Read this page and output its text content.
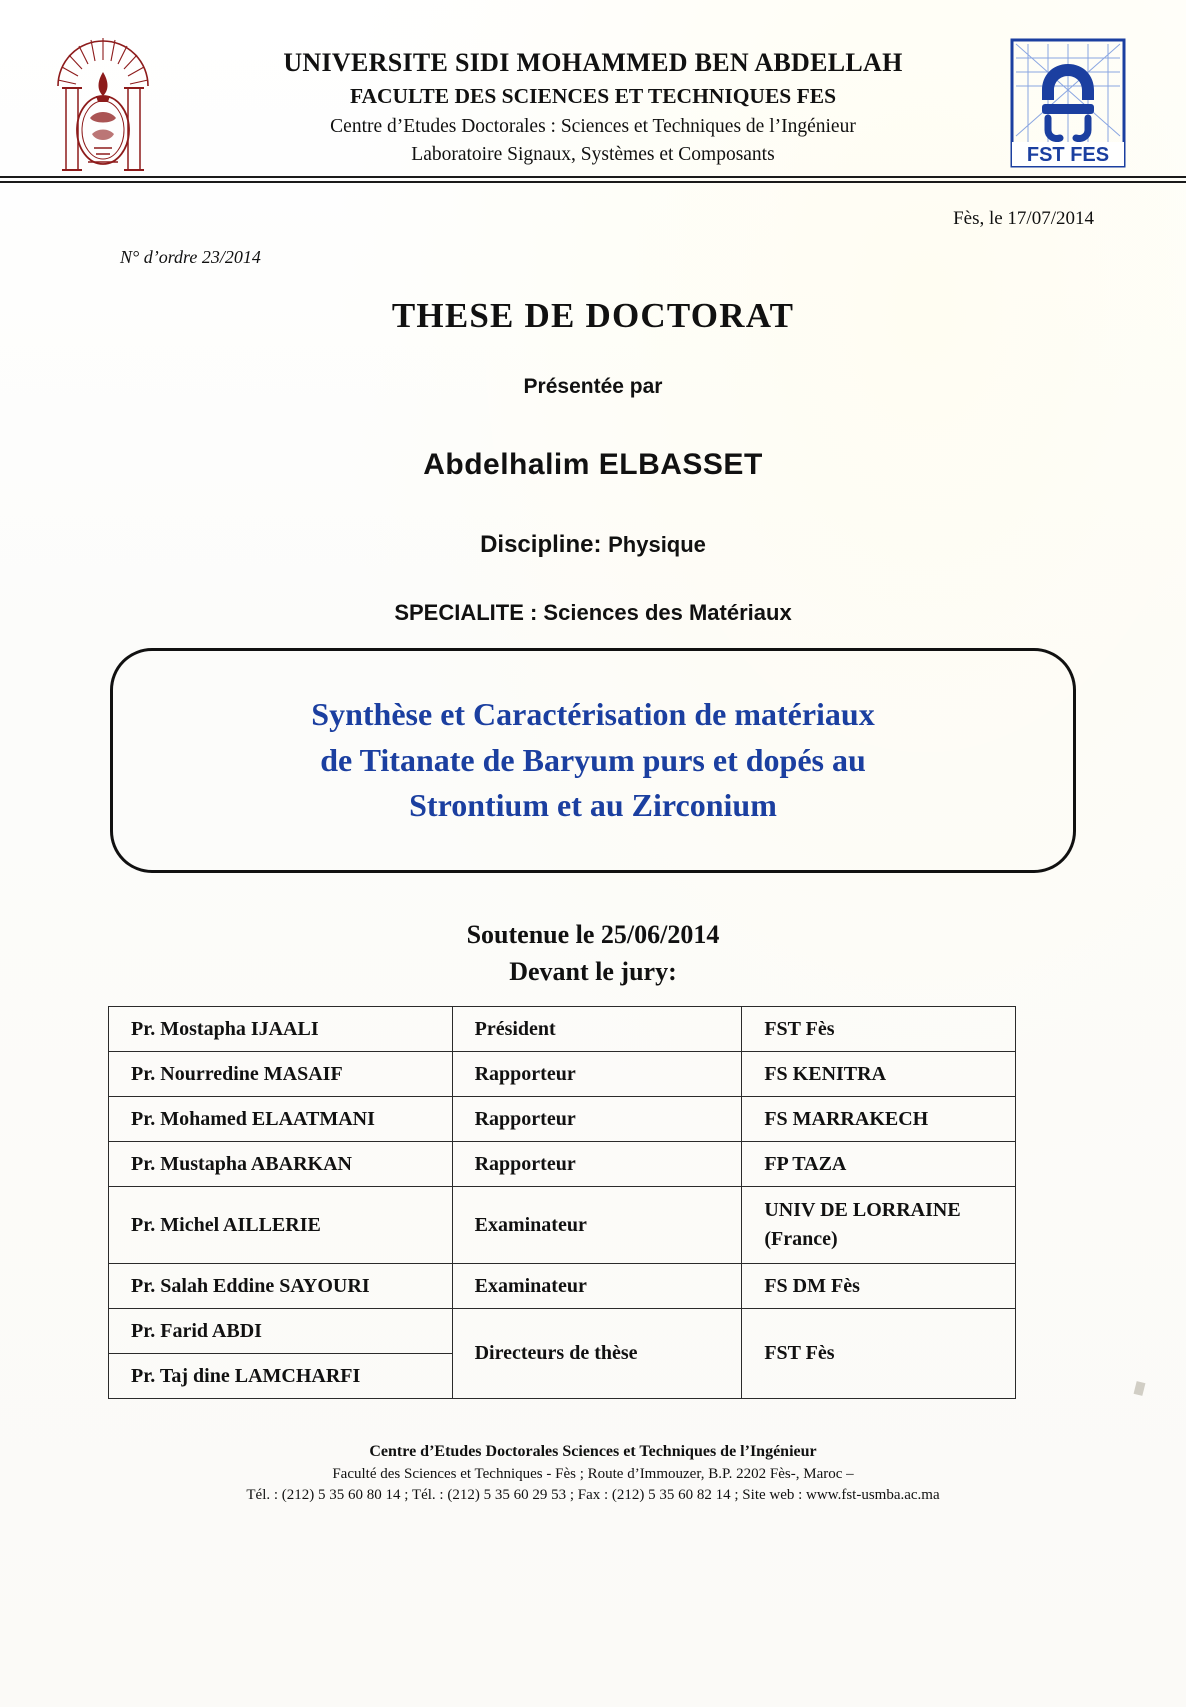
UNIVERSITE SIDI MOHAMMED BEN ABDELLAH
FACULTE DES SCIENCES ET TECHNIQUES FES
Centre d’Etudes Doctorales : Sciences et Techniques de l’Ingénieur
Laboratoire Signaux, Systèmes et Composants	FST FES
Fès, le 17/07/2014
N° d’ordre 23/2014
THESE DE DOCTORAT
Présentée par
Abdelhalim ELBASSET
Discipline: Physique
SPECIALITE : Sciences des Matériaux
Synthèse et Caractérisation de matériaux
de Titanate de Baryum purs et dopés au
Strontium et au Zirconium
Soutenue le 25/06/2014
Devant le jury:
Pr. Mostapha IJAALI	Président	FST Fès
Pr. Nourredine MASAIF	Rapporteur	FS KENITRA
Pr. Mohamed ELAATMANI	Rapporteur	FS MARRAKECH
Pr. Mustapha ABARKAN	Rapporteur	FP TAZA
Pr. Michel AILLERIE	Examinateur	UNIV DE LORRAINE (France)
Pr. Salah Eddine SAYOURI	Examinateur	FS DM Fès
Pr. Farid ABDI	Directeurs de thèse	FST Fès
Pr. Taj dine LAMCHARFI		
Centre d’Etudes Doctorales Sciences et Techniques de l’Ingénieur
Faculté des Sciences et Techniques - Fès ; Route d’Immouzer, B.P. 2202 Fès-, Maroc –
Tél. : (212) 5 35 60 80 14 ; Tél. : (212) 5 35 60 29 53 ; Fax : (212) 5 35 60 82 14 ; Site web : www.fst-usmba.ac.ma
